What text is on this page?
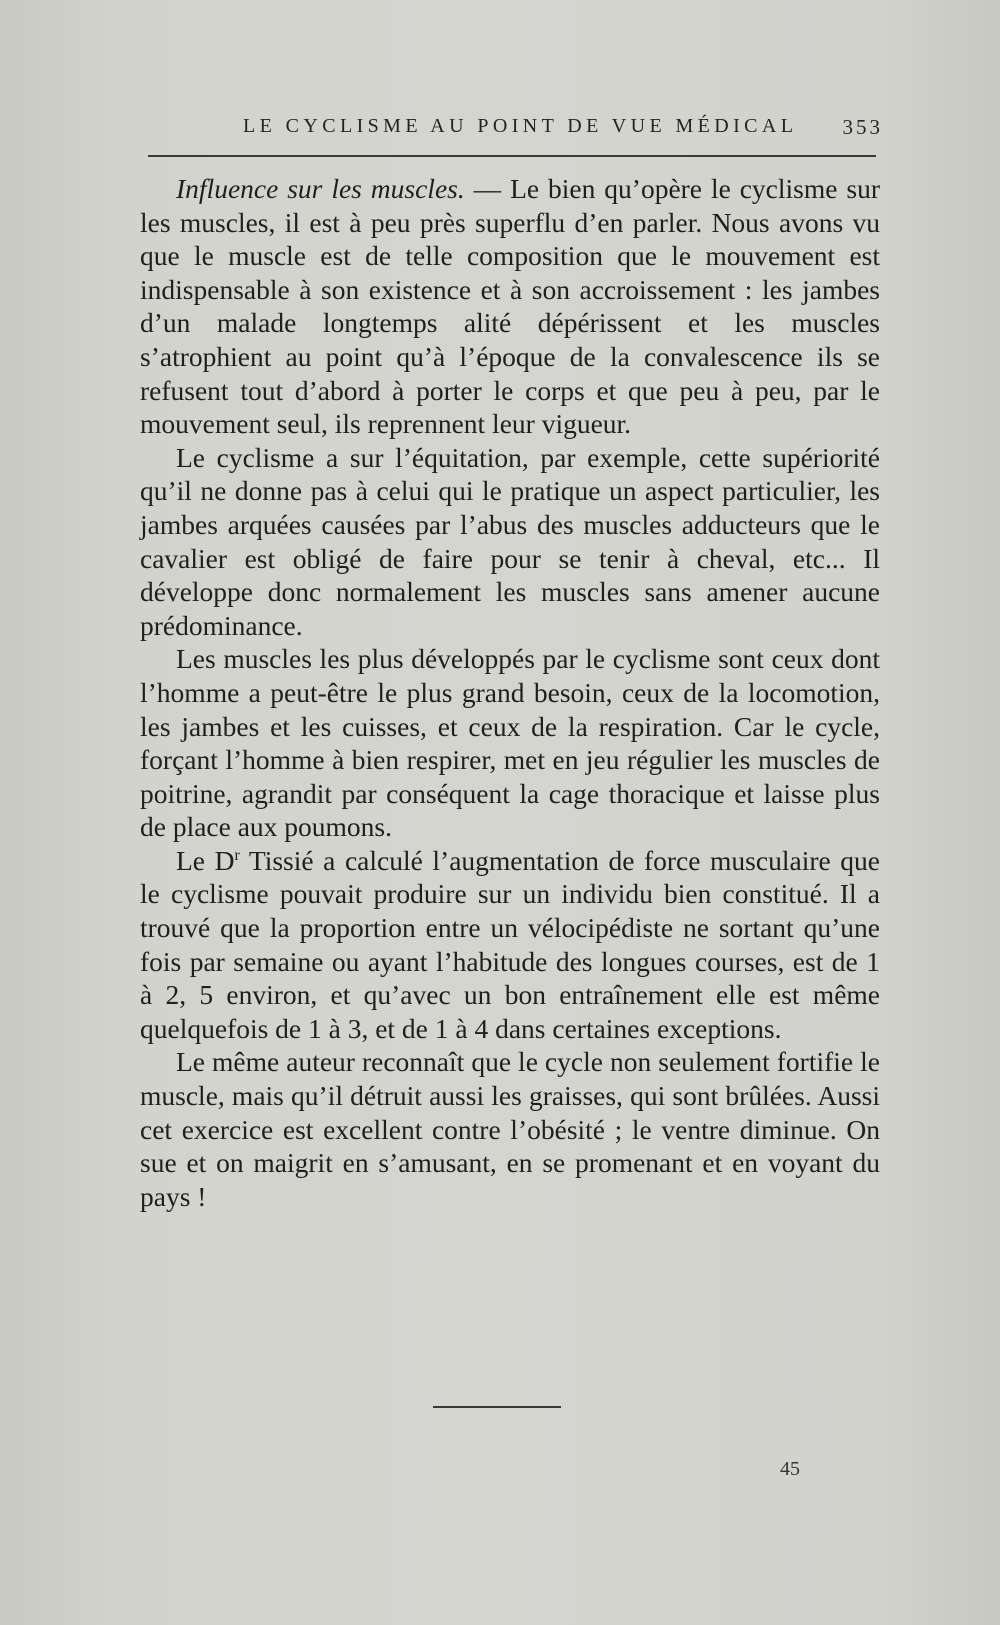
LE CYCLISME AU POINT DE VUE MÉDICAL 353

Influence sur les muscles. — Le bien qu’opère le cyclisme sur les muscles, il est à peu près superflu d’en parler. Nous avons vu que le muscle est de telle composition que le mouvement est indispensable à son existence et à son accroissement : les jambes d’un malade longtemps alité dépérissent et les muscles s’atrophient au point qu’à l’époque de la convalescence ils se refusent tout d’abord à porter le corps et que peu à peu, par le mouvement seul, ils reprennent leur vigueur.

Le cyclisme a sur l’équitation, par exemple, cette supériorité qu’il ne donne pas à celui qui le pratique un aspect particulier, les jambes arquées causées par l’abus des muscles adducteurs que le cavalier est obligé de faire pour se tenir à cheval, etc... Il développe donc normalement les muscles sans amener aucune prédominance.

Les muscles les plus développés par le cyclisme sont ceux dont l’homme a peut-être le plus grand besoin, ceux de la locomotion, les jambes et les cuisses, et ceux de la respiration. Car le cycle, forçant l’homme à bien respirer, met en jeu régulier les muscles de poitrine, agrandit par conséquent la cage thoracique et laisse plus de place aux poumons.

Le $D^r$ Tissié a calculé l’augmentation de force musculaire que le cyclisme pouvait produire sur un individu bien constitué. Il a trouvé que la proportion entre un vélocipédiste ne sortant qu’une fois par semaine ou ayant l’habitude des longues courses, est de 1 à 2, 5 environ, et qu’avec un bon entraînement elle est même quelquefois de 1 à 3, et de 1 à 4 dans certaines exceptions.

Le même auteur reconnaît que le cycle non seulement fortifie le muscle, mais qu’il détruit aussi les graisses, qui sont brûlées. Aussi cet exercice est excellent contre l’obésité ; le ventre diminue. On sue et on maigrit en s’amusant, en se promenant et en voyant du pays !

45
